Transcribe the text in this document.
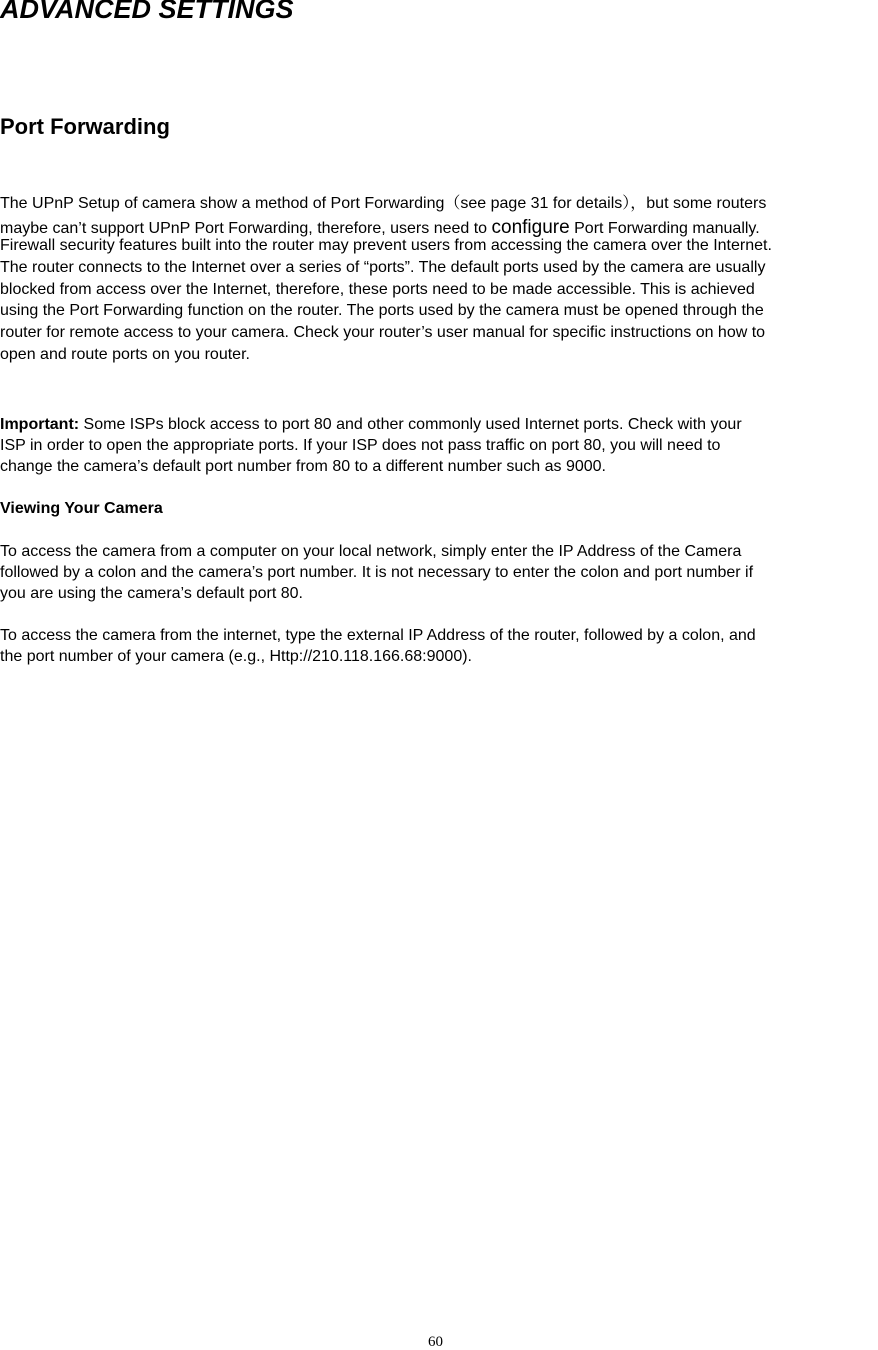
ADVANCED SETTINGS
Port Forwarding
The UPnP Setup of camera show a method of Port Forwarding（see page 31 for details），but some routers
maybe can’t support UPnP Port Forwarding, therefore, users need to configure Port Forwarding manually.
Firewall security features built into the router may prevent users from accessing the camera over the Internet.
The router connects to the Internet over a series of “ports”. The default ports used by the camera are usually
blocked from access over the Internet, therefore, these ports need to be made accessible. This is achieved
using the Port Forwarding function on the router. The ports used by the camera must be opened through the
router for remote access to your camera. Check your router’s user manual for specific instructions on how to
open and route ports on you router.
Important: Some ISPs block access to port 80 and other commonly used Internet ports. Check with your
ISP in order to open the appropriate ports. If your ISP does not pass traffic on port 80, you will need to
change the camera’s default port number from 80 to a different number such as 9000.
Viewing Your Camera
To access the camera from a computer on your local network, simply enter the IP Address of the Camera
followed by a colon and the camera’s port number. It is not necessary to enter the colon and port number if
you are using the camera’s default port 80.
To access the camera from the internet, type the external IP Address of the router, followed by a colon, and
the port number of your camera (e.g., Http://210.118.166.68:9000).
60
